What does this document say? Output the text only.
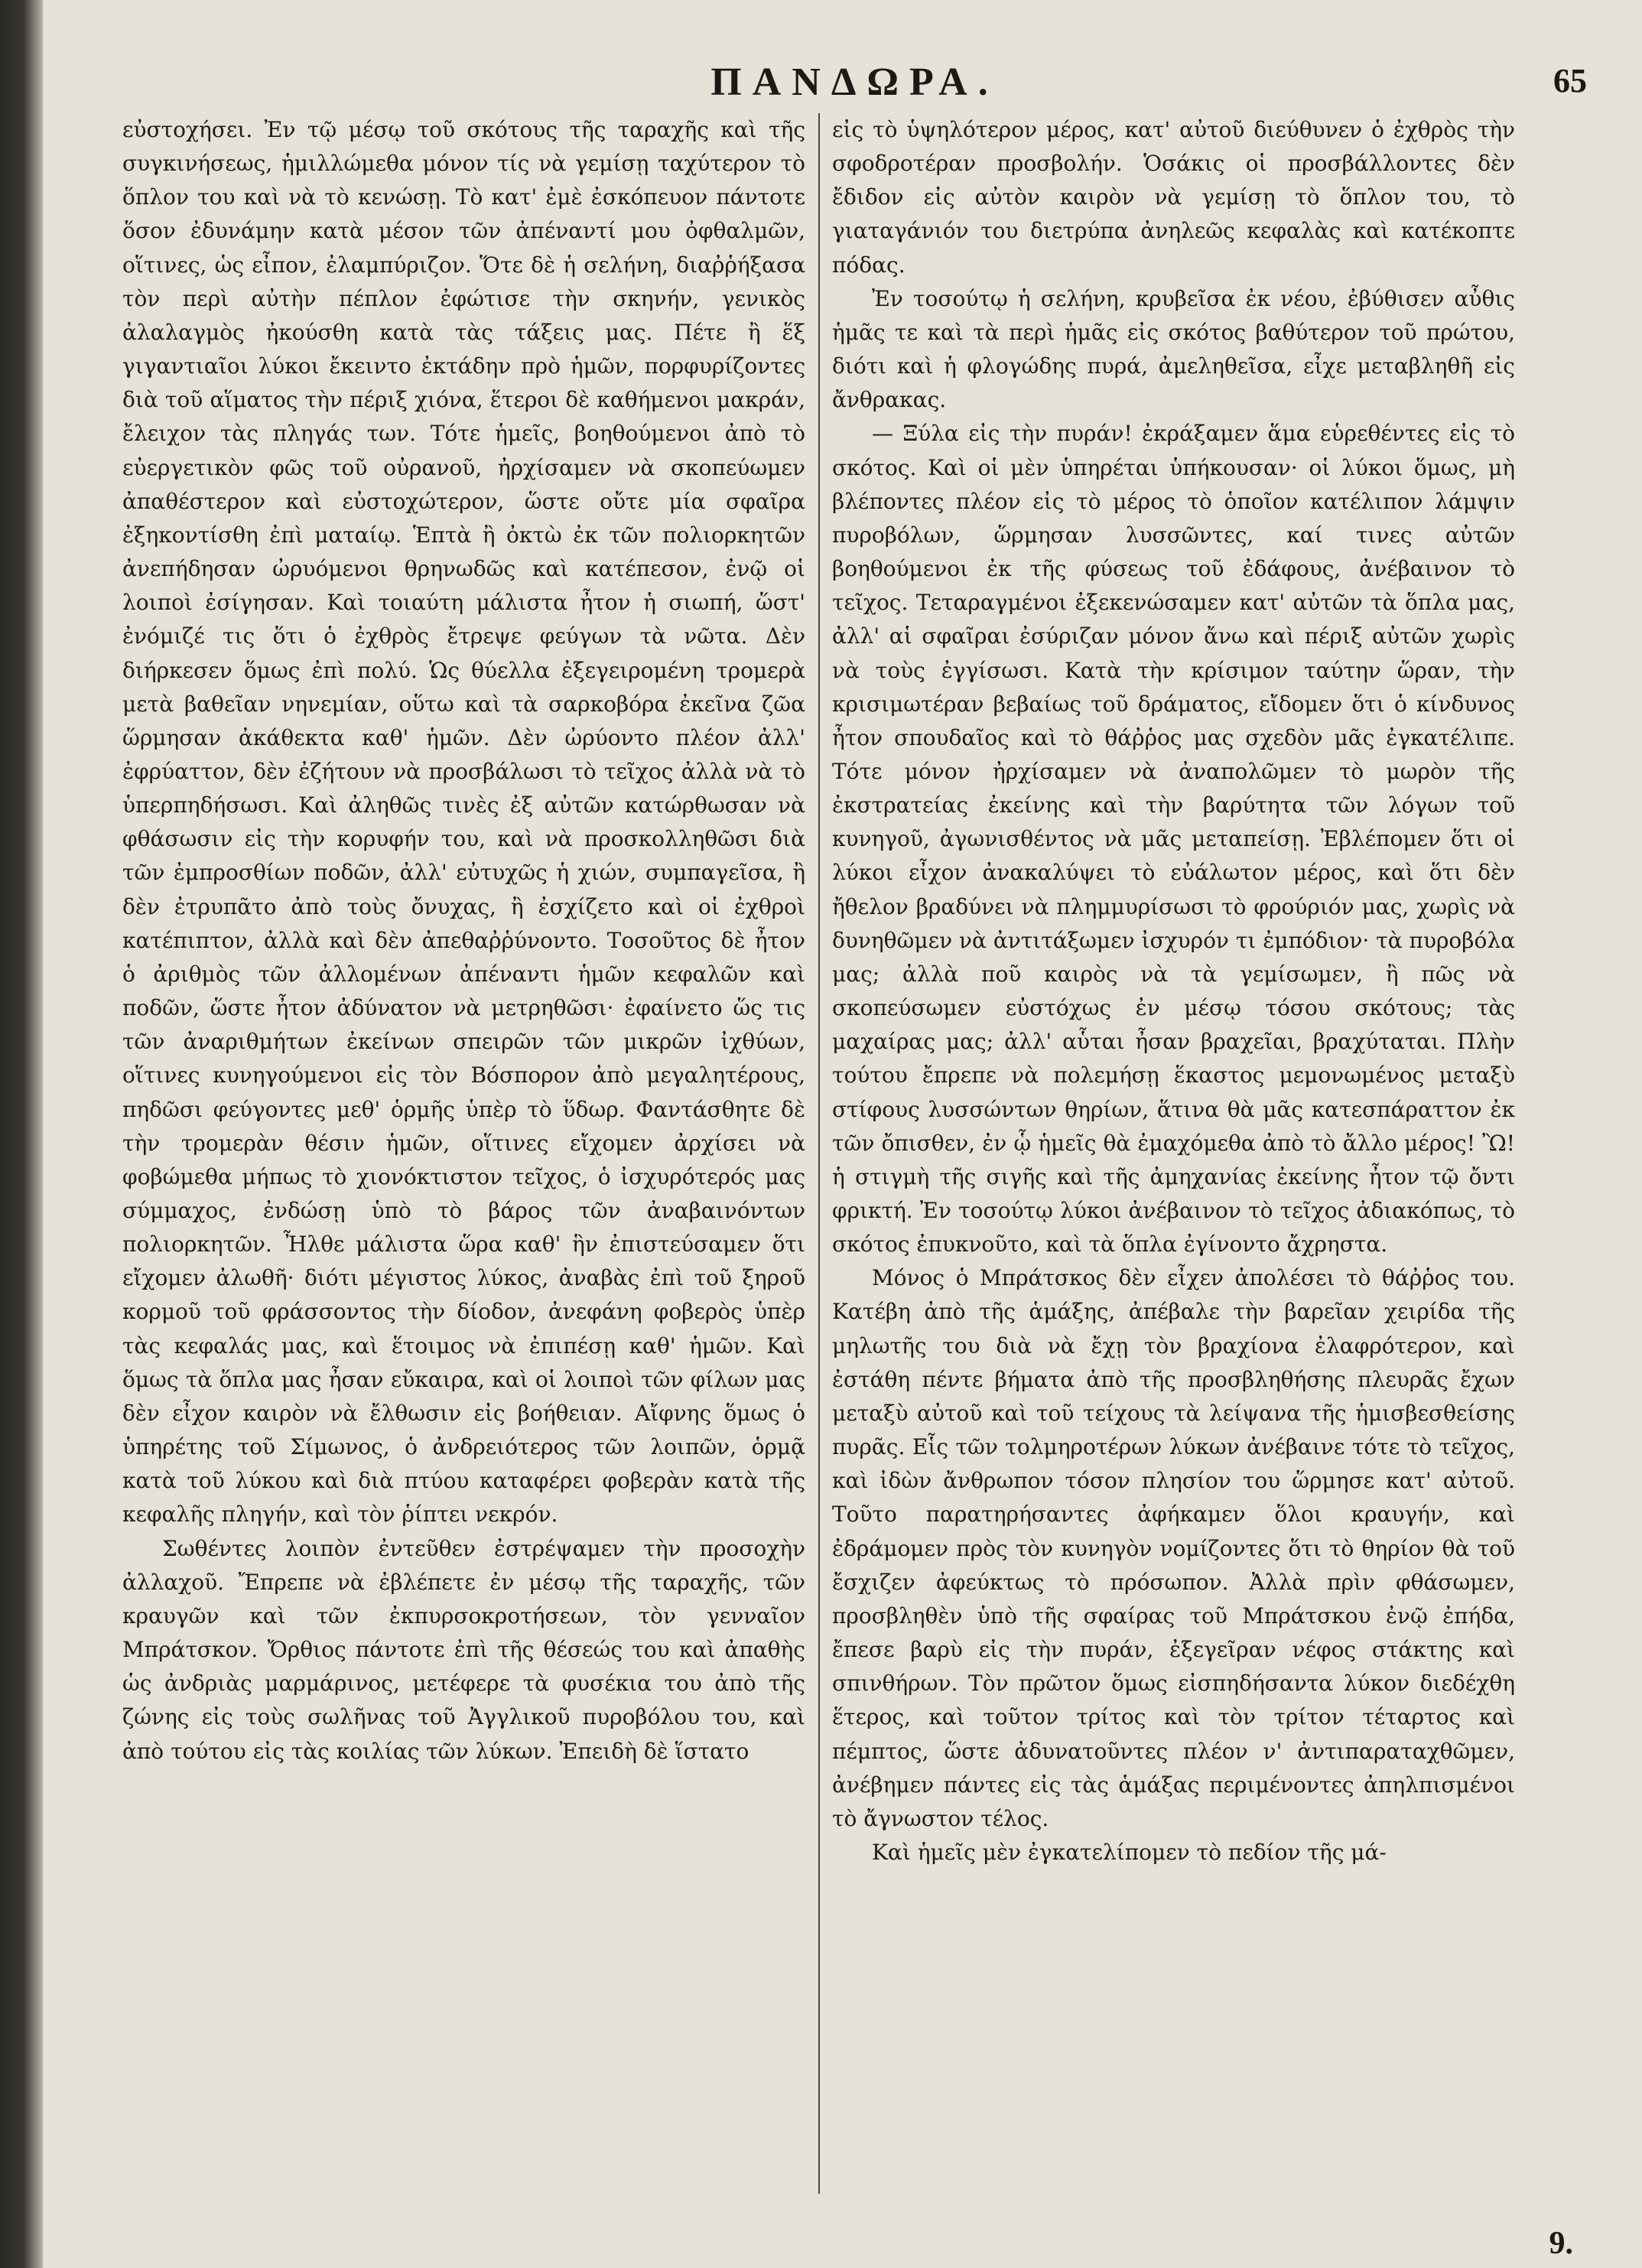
ΠΑΝΔΩΡΑ.	65

εὐστοχήσει. Ἐν τῷ μέσῳ τοῦ σκότους τῆς ταραχῆς καὶ τῆς συγκινήσεως, ἡμιλλώμεθα μόνον τίς νὰ γεμίσῃ ταχύτερον τὸ ὅπλον του καὶ νὰ τὸ κενώσῃ. Τὸ κατ' ἐμὲ ἐσκόπευον πάντοτε ὅσον ἐδυνάμην κατὰ μέσον τῶν ἀπέναντί μου ὀφθαλμῶν, οἵτινες, ὡς εἶπον, ἐλαμπύριζον. Ὅτε δὲ ἡ σελήνη, διαῤῥήξασα τὸν περὶ αὐτὴν πέπλον ἐφώτισε τὴν σκηνήν, γενικὸς ἀλαλαγμὸς ἠκούσθη κατὰ τὰς τάξεις μας. Πέτε ἢ ἕξ γιγαντιαῖοι λύκοι ἔκειντο ἐκτάδην πρὸ ἡμῶν, πορφυρίζοντες διὰ τοῦ αἵματος τὴν πέριξ χιόνα, ἕτεροι δὲ καθήμενοι μακράν, ἔλειχον τὰς πληγάς των. Τότε ἡμεῖς, βοηθούμενοι ἀπὸ τὸ εὐεργετικὸν φῶς τοῦ οὐρανοῦ, ἠρχίσαμεν νὰ σκοπεύωμεν ἀπαθέστερον καὶ εὐστοχώτερον, ὥστε οὔτε μία σφαῖρα ἐξηκοντίσθη ἐπὶ ματαίῳ. Ἑπτὰ ἢ ὀκτὼ ἐκ τῶν πολιορκητῶν ἀνεπήδησαν ὠρυόμενοι θρηνωδῶς καὶ κατέπεσον, ἐνῷ οἱ λοιποὶ ἐσίγησαν. Καὶ τοιαύτη μάλιστα ἦτον ἡ σιωπή, ὥστ' ἐνόμιζέ τις ὅτι ὁ ἐχθρὸς ἔτρεψε φεύγων τὰ νῶτα. Δὲν διήρκεσεν ὅμως ἐπὶ πολύ. Ὡς θύελλα ἐξεγειρομένη τρομερὰ μετὰ βαθεῖαν νηνεμίαν, οὕτω καὶ τὰ σαρκοβόρα ἐκεῖνα ζῶα ὥρμησαν ἀκάθεκτα καθ' ἡμῶν. Δὲν ὠρύοντο πλέον ἀλλ' ἐφρύαττον, δὲν ἐζήτουν νὰ προσβάλωσι τὸ τεῖχος ἀλλὰ νὰ τὸ ὑπερπηδήσωσι. Καὶ ἀληθῶς τινὲς ἐξ αὐτῶν κατώρθωσαν νὰ φθάσωσιν εἰς τὴν κορυφήν του, καὶ νὰ προσκολληθῶσι διὰ τῶν ἐμπροσθίων ποδῶν, ἀλλ' εὐτυχῶς ἡ χιών, συμπαγεῖσα, ἢ δὲν ἐτρυπᾶτο ἀπὸ τοὺς ὄνυχας, ἢ ἐσχίζετο καὶ οἱ ἐχθροὶ κατέπιπτον, ἀλλὰ καὶ δὲν ἀπεθαῤῥύνοντο. Τοσοῦτος δὲ ἦτον ὁ ἀριθμὸς τῶν ἀλλομένων ἀπέναντι ἡμῶν κεφαλῶν καὶ ποδῶν, ὥστε ἦτον ἀδύνατον νὰ μετρηθῶσι· ἐφαίνετο ὥς τις τῶν ἀναριθμήτων ἐκείνων σπειρῶν τῶν μικρῶν ἰχθύων, οἵτινες κυνηγούμενοι εἰς τὸν Βόσπορον ἀπὸ μεγαλητέρους, πηδῶσι φεύγοντες μεθ' ὁρμῆς ὑπὲρ τὸ ὕδωρ. Φαντάσθητε δὲ τὴν τρομερὰν θέσιν ἡμῶν, οἵτινες εἴχομεν ἀρχίσει νὰ φοβώμεθα μήπως τὸ χιονόκτιστον τεῖχος, ὁ ἰσχυρότερός μας σύμμαχος, ἐνδώσῃ ὑπὸ τὸ βάρος τῶν ἀναβαινόντων πολιορκητῶν. Ἦλθε μάλιστα ὥρα καθ' ἣν ἐπιστεύσαμεν ὅτι εἴχομεν ἀλωθῆ· διότι μέγιστος λύκος, ἀναβὰς ἐπὶ τοῦ ξηροῦ κορμοῦ τοῦ φράσσοντος τὴν δίοδον, ἀνεφάνη φοβερὸς ὑπὲρ τὰς κεφαλάς μας, καὶ ἕτοιμος νὰ ἐπιπέσῃ καθ' ἡμῶν. Καὶ ὅμως τὰ ὅπλα μας ἦσαν εὔκαιρα, καὶ οἱ λοιποὶ τῶν φίλων μας δὲν εἶχον καιρὸν νὰ ἔλθωσιν εἰς βοήθειαν. Αἴφνης ὅμως ὁ ὑπηρέτης τοῦ Σίμωνος, ὁ ἀνδρειότερος τῶν λοιπῶν, ὁρμᾷ κατὰ τοῦ λύκου καὶ διὰ πτύου καταφέρει φοβερὰν κατὰ τῆς κεφαλῆς πληγήν, καὶ τὸν ῥίπτει νεκρόν.

Σωθέντες λοιπὸν ἐντεῦθεν ἐστρέψαμεν τὴν προσοχὴν ἀλλαχοῦ. Ἔπρεπε νὰ ἐβλέπετε ἐν μέσῳ τῆς ταραχῆς, τῶν κραυγῶν καὶ τῶν ἐκπυρσοκροτήσεων, τὸν γενναῖον Μπράτσκον. Ὄρθιος πάντοτε ἐπὶ τῆς θέσεώς του καὶ ἀπαθὴς ὡς ἀνδριὰς μαρμάρινος, μετέφερε τὰ φυσέκια του ἀπὸ τῆς ζώνης εἰς τοὺς σωλῆνας τοῦ Ἀγγλικοῦ πυροβόλου του, καὶ ἀπὸ τούτου εἰς τὰς κοιλίας τῶν λύκων. Ἐπειδὴ δὲ ἵστατο

εἰς τὸ ὑψηλότερον μέρος, κατ' αὐτοῦ διεύθυνεν ὁ ἐχθρὸς τὴν σφοδροτέραν προσβολήν. Ὁσάκις οἱ προσβάλλοντες δὲν ἔδιδον εἰς αὐτὸν καιρὸν νὰ γεμίσῃ τὸ ὅπλον του, τὸ γιαταγάνιόν του διετρύπα ἀνηλεῶς κεφαλὰς καὶ κατέκοπτε πόδας.

Ἐν τοσούτῳ ἡ σελήνη, κρυβεῖσα ἐκ νέου, ἐβύθισεν αὖθις ἡμᾶς τε καὶ τὰ περὶ ἡμᾶς εἰς σκότος βαθύτερον τοῦ πρώτου, διότι καὶ ἡ φλογώδης πυρά, ἀμεληθεῖσα, εἶχε μεταβληθῆ εἰς ἄνθρακας.

— Ξύλα εἰς τὴν πυράν! ἐκράξαμεν ἅμα εὑρεθέντες εἰς τὸ σκότος. Καὶ οἱ μὲν ὑπηρέται ὑπήκουσαν· οἱ λύκοι ὅμως, μὴ βλέποντες πλέον εἰς τὸ μέρος τὸ ὁποῖον κατέλιπον λάμψιν πυροβόλων, ὥρμησαν λυσσῶντες, καί τινες αὐτῶν βοηθούμενοι ἐκ τῆς φύσεως τοῦ ἐδάφους, ἀνέβαινον τὸ τεῖχος. Τεταραγμένοι ἐξεκενώσαμεν κατ' αὐτῶν τὰ ὅπλα μας, ἀλλ' αἱ σφαῖραι ἐσύριζαν μόνον ἄνω καὶ πέριξ αὐτῶν χωρὶς νὰ τοὺς ἐγγίσωσι. Κατὰ τὴν κρίσιμον ταύτην ὥραν, τὴν κρισιμωτέραν βεβαίως τοῦ δράματος, εἴδομεν ὅτι ὁ κίνδυνος ἦτον σπουδαῖος καὶ τὸ θάῤῥος μας σχεδὸν μᾶς ἐγκατέλιπε. Τότε μόνον ἠρχίσαμεν νὰ ἀναπολῶμεν τὸ μωρὸν τῆς ἐκστρατείας ἐκείνης καὶ τὴν βαρύτητα τῶν λόγων τοῦ κυνηγοῦ, ἀγωνισθέντος νὰ μᾶς μεταπείσῃ. Ἐβλέπομεν ὅτι οἱ λύκοι εἶχον ἀνακαλύψει τὸ εὐάλωτον μέρος, καὶ ὅτι δὲν ἤθελον βραδύνει νὰ πλημμυρίσωσι τὸ φρούριόν μας, χωρὶς νὰ δυνηθῶμεν νὰ ἀντιτάξωμεν ἰσχυρόν τι ἐμπόδιον· τὰ πυροβόλα μας; ἀλλὰ ποῦ καιρὸς νὰ τὰ γεμίσωμεν, ἢ πῶς νὰ σκοπεύσωμεν εὐστόχως ἐν μέσῳ τόσου σκότους; τὰς μαχαίρας μας; ἀλλ' αὗται ἦσαν βραχεῖαι, βραχύταται. Πλὴν τούτου ἔπρεπε νὰ πολεμήσῃ ἕκαστος μεμονωμένος μεταξὺ στίφους λυσσώντων θηρίων, ἅτινα θὰ μᾶς κατεσπάραττον ἐκ τῶν ὄπισθεν, ἐν ᾧ ἡμεῖς θὰ ἐμαχόμεθα ἀπὸ τὸ ἄλλο μέρος! Ὢ! ἡ στιγμὴ τῆς σιγῆς καὶ τῆς ἀμηχανίας ἐκείνης ἦτον τῷ ὄντι φρικτή. Ἐν τοσούτῳ λύκοι ἀνέβαινον τὸ τεῖχος ἀδιακόπως, τὸ σκότος ἐπυκνοῦτο, καὶ τὰ ὅπλα ἐγίνοντο ἄχρηστα.

Μόνος ὁ Μπράτσκος δὲν εἶχεν ἀπολέσει τὸ θάῤῥος του. Κατέβη ἀπὸ τῆς ἁμάξης, ἀπέβαλε τὴν βαρεῖαν χειρίδα τῆς μηλωτῆς του διὰ νὰ ἔχῃ τὸν βραχίονα ἐλαφρότερον, καὶ ἐστάθη πέντε βήματα ἀπὸ τῆς προσβληθήσης πλευρᾶς ἔχων μεταξὺ αὐτοῦ καὶ τοῦ τείχους τὰ λείψανα τῆς ἡμισβεσθείσης πυρᾶς. Εἷς τῶν τολμηροτέρων λύκων ἀνέβαινε τότε τὸ τεῖχος, καὶ ἰδὼν ἄνθρωπον τόσον πλησίον του ὥρμησε κατ' αὐτοῦ. Τοῦτο παρατηρήσαντες ἀφήκαμεν ὅλοι κραυγήν, καὶ ἐδράμομεν πρὸς τὸν κυνηγὸν νομίζοντες ὅτι τὸ θηρίον θὰ τοῦ ἔσχιζεν ἀφεύκτως τὸ πρόσωπον. Ἀλλὰ πρὶν φθάσωμεν, προσβληθὲν ὑπὸ τῆς σφαίρας τοῦ Μπράτσκου ἐνῷ ἐπήδα, ἔπεσε βαρὺ εἰς τὴν πυράν, ἐξεγεῖραν νέφος στάκτης καὶ σπινθήρων. Τὸν πρῶτον ὅμως εἰσπηδήσαντα λύκον διεδέχθη ἕτερος, καὶ τοῦτον τρίτος καὶ τὸν τρίτον τέταρτος καὶ πέμπτος, ὥστε ἀδυνατοῦντες πλέον ν' ἀντιπαραταχθῶμεν, ἀνέβημεν πάντες εἰς τὰς ἁμάξας περιμένοντες ἀπηλπισμένοι τὸ ἄγνωστον τέλος.

Καὶ ἡμεῖς μὲν ἐγκατελίπομεν τὸ πεδίον τῆς μά-

9.
